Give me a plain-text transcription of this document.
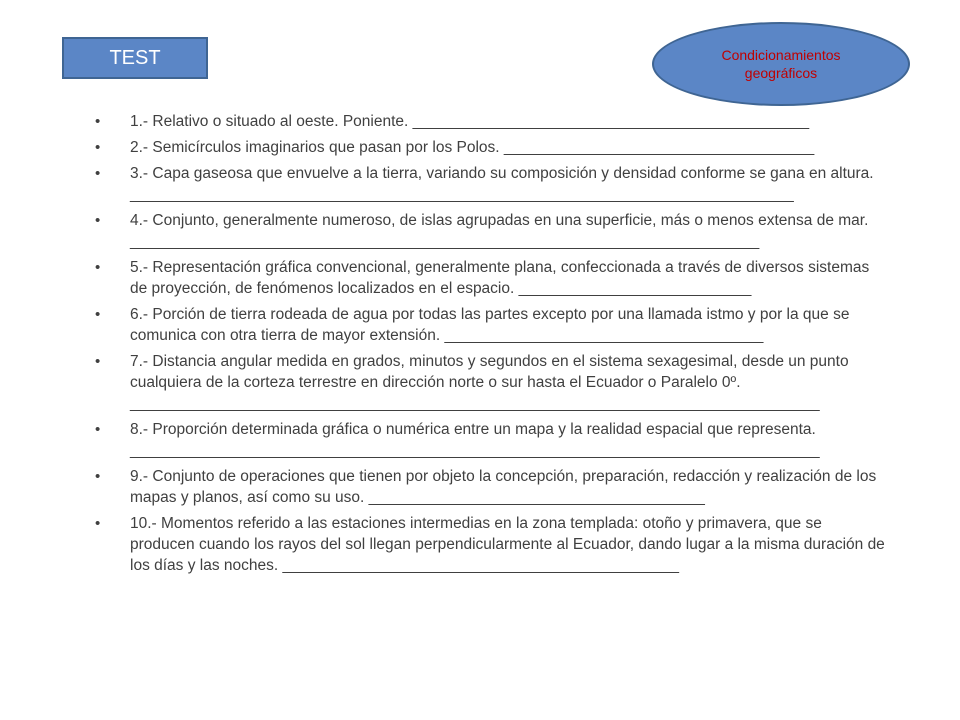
TEST	Condicionamientos
geográficos
• 1.- Relativo o situado al oeste. Poniente. ______________________________________________
• 2.- Semicírculos imaginarios que pasan por los Polos. ____________________________________
• 3.- Capa gaseosa que envuelve a la tierra, variando su composición y densidad conforme se gana en altura. _____________________________________________________________________________
• 4.- Conjunto, generalmente numeroso, de islas agrupadas en una superficie, más o menos extensa de mar. _________________________________________________________________________
• 5.- Representación gráfica convencional, generalmente plana, confeccionada a través de diversos sistemas de proyección, de fenómenos localizados en el espacio. ___________________________
• 6.- Porción de tierra rodeada de agua por todas las partes excepto por una llamada istmo y por la que se comunica con otra tierra de mayor extensión. _____________________________________
• 7.- Distancia angular medida en grados, minutos y segundos en el sistema sexagesimal, desde un punto cualquiera de la corteza terrestre en dirección norte o sur hasta el Ecuador o Paralelo 0º. ________________________________________________________________________________
• 8.- Proporción determinada gráfica o numérica entre un mapa y la realidad espacial que representa. ________________________________________________________________________________
• 9.- Conjunto de operaciones que tienen por objeto la concepción, preparación, redacción y realización de los mapas y planos, así como su uso. _______________________________________
• 10.- Momentos referido a las estaciones intermedias en la zona templada: otoño y primavera, que se producen cuando los rayos del sol llegan perpendicularmente al Ecuador, dando lugar a la misma duración de los días y las noches. ______________________________________________
